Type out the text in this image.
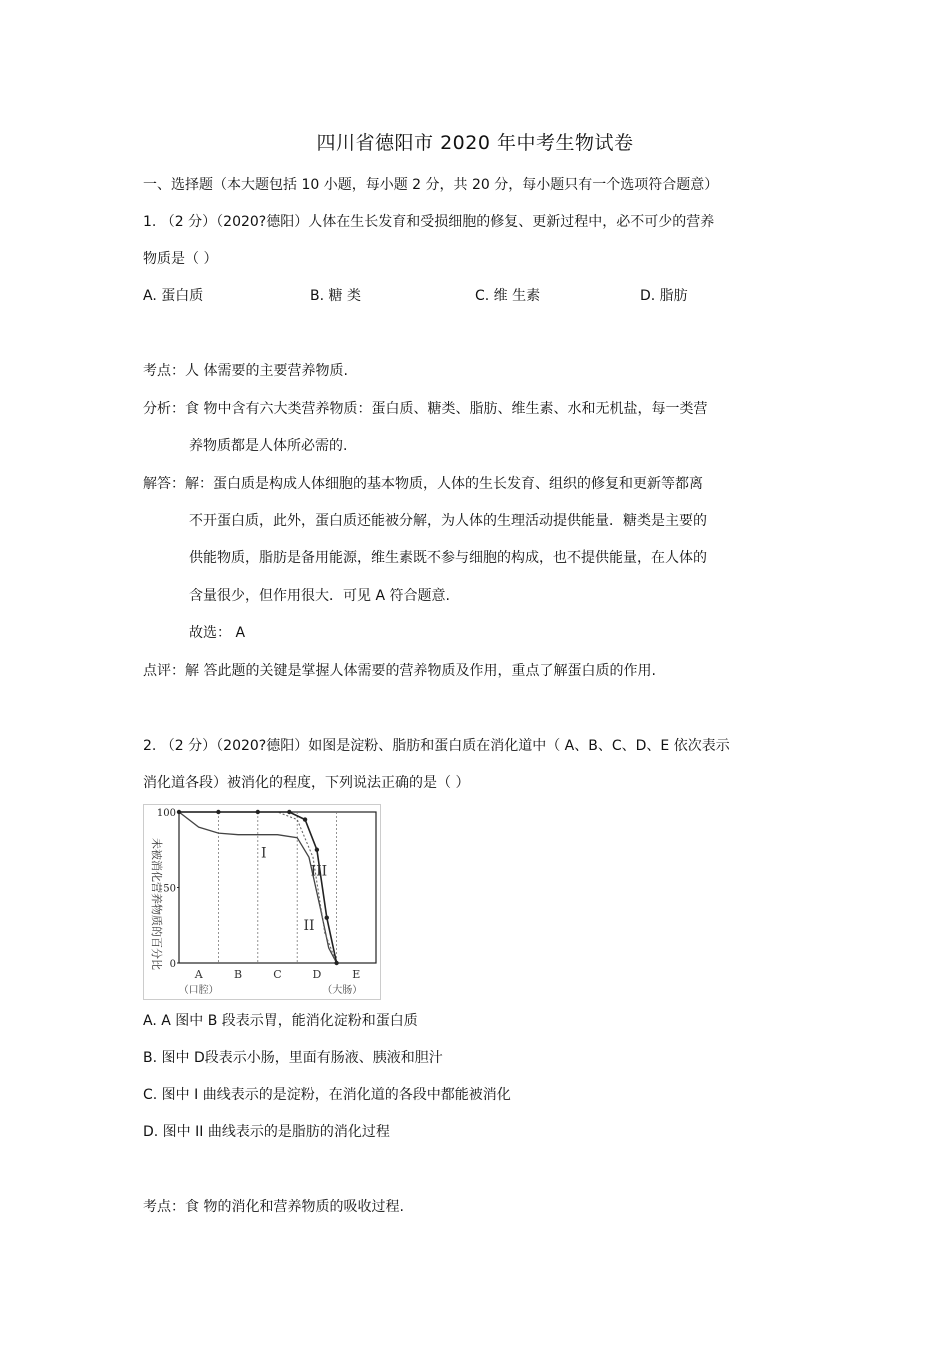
四川省德阳市 2020 年中考生物试卷
一、选择题（本大题包括 10 小题，每小题 2 分，共 20 分，每小题只有一个选项符合题意）
1. （2 分）（2020?德阳）人体在生长发育和受损细胞的修复、更新过程中，必不可少的营养
物质是（ ）
A. 蛋白质	B. 糖 类	C. 维 生素	D. 脂肪
考点：人 体需要的主要营养物质.
分析：食 物中含有六大类营养物质：蛋白质、糖类、脂肪、维生素、水和无机盐，每一类营
养物质都是人体所必需的.
解答：解：蛋白质是构成人体细胞的基本物质，人体的生长发育、组织的修复和更新等都离
不开蛋白质，此外，蛋白质还能被分解，为人体的生理活动提供能量．糖类是主要的
供能物质，脂肪是备用能源，维生素既不参与细胞的构成，也不提供能量，在人体的
含量很少，但作用很大．可见 A 符合题意.
故选： A
点评：解 答此题的关键是掌握人体需要的营养物质及作用，重点了解蛋白质的作用.
2. （2 分）（2020?德阳）如图是淀粉、脂肪和蛋白质在消化道中（ A、B、C、D、E 依次表示
消化道各段）被消化的程度，下列说法正确的是（ ）
未被消化营养物质的百分比
100
50
0
I
II
III
A	B	C	D	E
（口腔）	（大肠）
A. A 图中 B 段表示胃，能消化淀粉和蛋白质
B. 图中 D段表示小肠，里面有肠液、胰液和胆汁
C. 图中 I 曲线表示的是淀粉，在消化道的各段中都能被消化
D. 图中 II 曲线表示的是脂肪的消化过程
考点：食 物的消化和营养物质的吸收过程.
